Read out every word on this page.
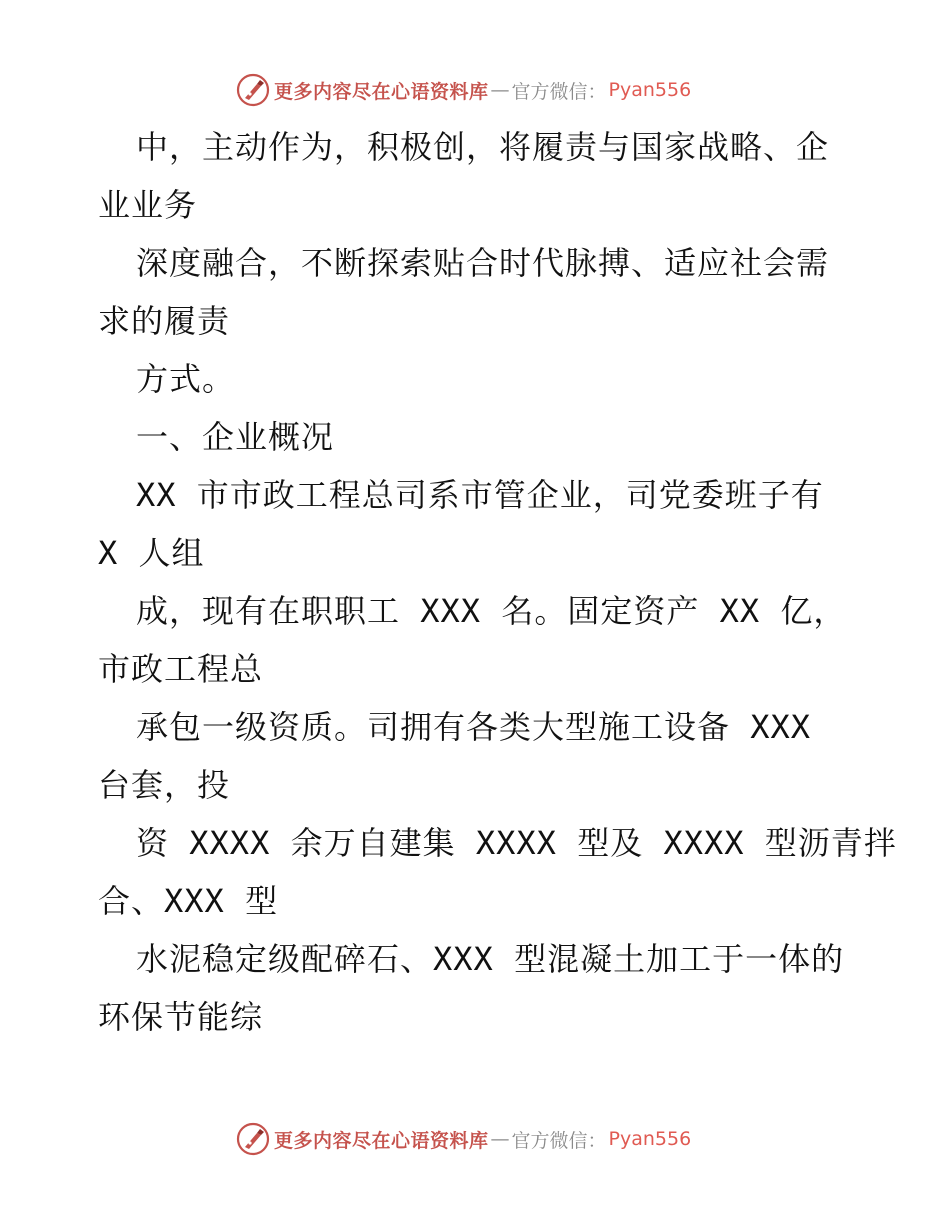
更多内容尽在心语资料库 — 官方微信： Pyan556
中，主动作为，积极创，将履责与国家战略、企
业业务
深度融合，不断探索贴合时代脉搏、适应社会需
求的履责
方式。
一、企业概况
XX 市市政工程总司系市管企业，司党委班子有
X 人组
成，现有在职职工 XXX 名。固定资产 XX 亿，
市政工程总
承包一级资质。司拥有各类大型施工设备 XXX
台套，投
资 XXXX 余万自建集 XXXX 型及 XXXX 型沥青拌
合、XXX 型
水泥稳定级配碎石、XXX 型混凝土加工于一体的
环保节能综
更多内容尽在心语资料库 — 官方微信： Pyan556
